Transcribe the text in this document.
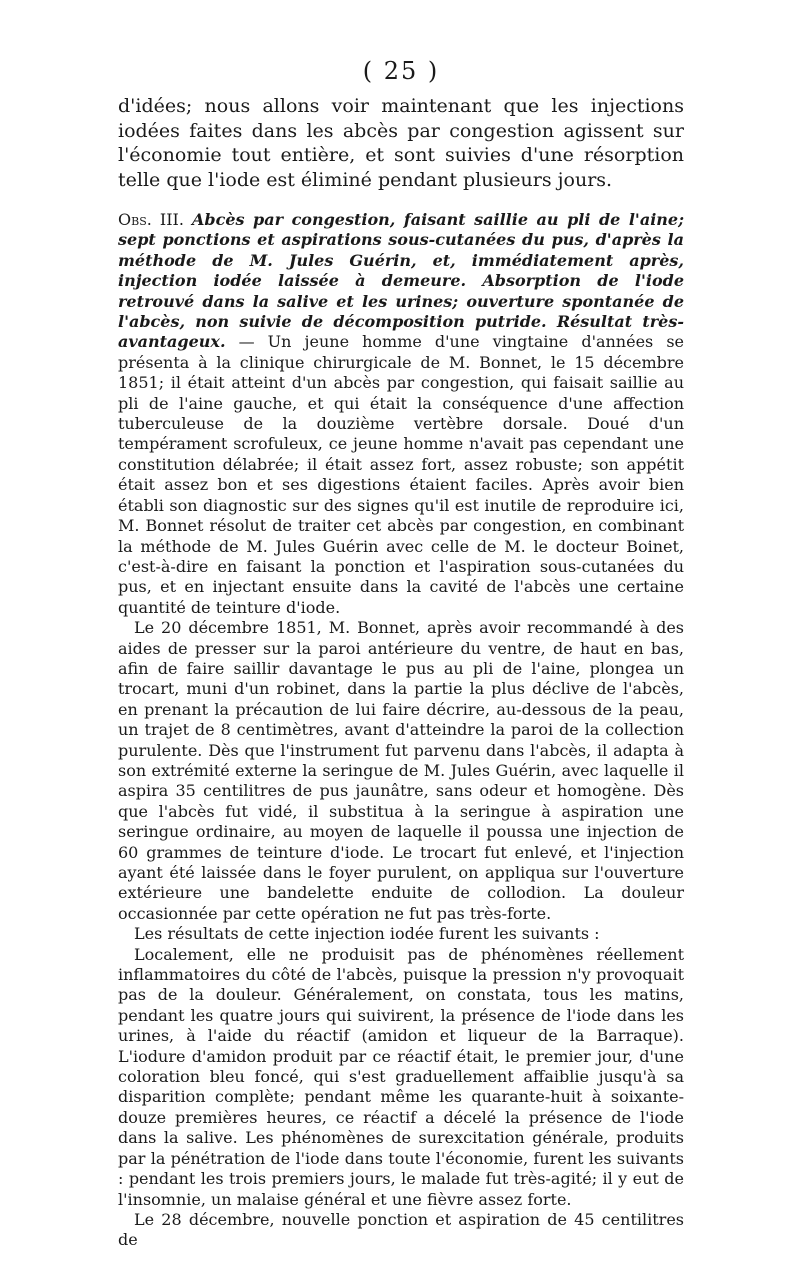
( 25 )

d'idées; nous allons voir maintenant que les injections iodées faites dans les abcès par congestion agissent sur l'économie tout entière, et sont suivies d'une résorption telle que l'iode est éliminé pendant plusieurs jours.

Obs. III. Abcès par congestion, faisant saillie au pli de l'aine; sept ponctions et aspirations sous-cutanées du pus, d'après la méthode de M. Jules Guérin, et, immédiatement après, injection iodée laissée à demeure. Absorption de l'iode retrouvé dans la salive et les urines; ouverture spontanée de l'abcès, non suivie de décomposition putride. Résultat très-avantageux. — Un jeune homme d'une vingtaine d'années se présenta à la clinique chirurgicale de M. Bonnet, le 15 décembre 1851; il était atteint d'un abcès par congestion, qui faisait saillie au pli de l'aine gauche, et qui était la conséquence d'une affection tuberculeuse de la douzième vertèbre dorsale. Doué d'un tempérament scrofuleux, ce jeune homme n'avait pas cependant une constitution délabrée; il était assez fort, assez robuste; son appétit était assez bon et ses digestions étaient faciles. Après avoir bien établi son diagnostic sur des signes qu'il est inutile de reproduire ici, M. Bonnet résolut de traiter cet abcès par congestion, en combinant la méthode de M. Jules Guérin avec celle de M. le docteur Boinet, c'est-à-dire en faisant la ponction et l'aspiration sous-cutanées du pus, et en injectant ensuite dans la cavité de l'abcès une certaine quantité de teinture d'iode.

Le 20 décembre 1851, M. Bonnet, après avoir recommandé à des aides de presser sur la paroi antérieure du ventre, de haut en bas, afin de faire saillir davantage le pus au pli de l'aine, plongea un trocart, muni d'un robinet, dans la partie la plus déclive de l'abcès, en prenant la précaution de lui faire décrire, au-dessous de la peau, un trajet de 8 centimètres, avant d'atteindre la paroi de la collection purulente. Dès que l'instrument fut parvenu dans l'abcès, il adapta à son extrémité externe la seringue de M. Jules Guérin, avec laquelle il aspira 35 centilitres de pus jaunâtre, sans odeur et homogène. Dès que l'abcès fut vidé, il substitua à la seringue à aspiration une seringue ordinaire, au moyen de laquelle il poussa une injection de 60 grammes de teinture d'iode. Le trocart fut enlevé, et l'injection ayant été laissée dans le foyer purulent, on appliqua sur l'ouverture extérieure une bandelette enduite de collodion. La douleur occasionnée par cette opération ne fut pas très-forte.

Les résultats de cette injection iodée furent les suivants :

Localement, elle ne produisit pas de phénomènes réellement inflammatoires du côté de l'abcès, puisque la pression n'y provoquait pas de la douleur. Généralement, on constata, tous les matins, pendant les quatre jours qui suivirent, la présence de l'iode dans les urines, à l'aide du réactif (amidon et liqueur de la Barraque). L'iodure d'amidon produit par ce réactif était, le premier jour, d'une coloration bleu foncé, qui s'est graduellement affaiblie jusqu'à sa disparition complète; pendant même les quarante-huit à soixante-douze premières heures, ce réactif a décelé la présence de l'iode dans la salive. Les phénomènes de surexcitation générale, produits par la pénétration de l'iode dans toute l'économie, furent les suivants : pendant les trois premiers jours, le malade fut très-agité; il y eut de l'insomnie, un malaise général et une fièvre assez forte.

Le 28 décembre, nouvelle ponction et aspiration de 45 centilitres de
